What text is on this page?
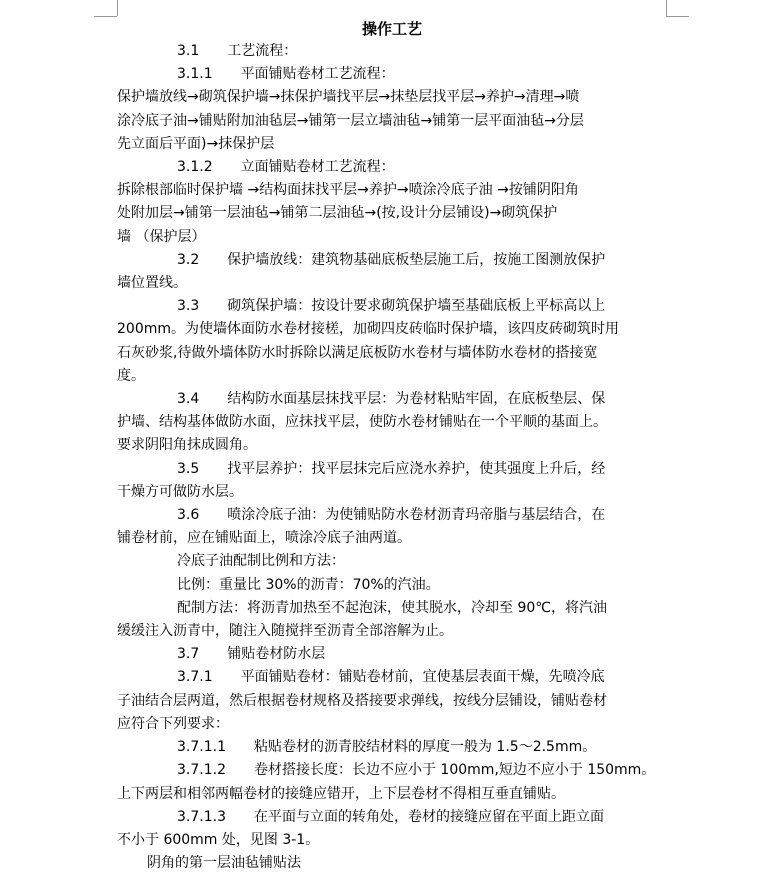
操作工艺

3.1　　工艺流程：

3.1.1　　平面铺贴卷材工艺流程：

保护墙放线→砌筑保护墙→抹保护墙找平层→抹垫层找平层→养护→清理→喷

涂冷底子油→铺贴附加油毡层→铺第一层立墙油毡→铺第一层平面油毡→分层

先立面后平面)→抹保护层

3.1.2　　立面铺贴卷材工艺流程：

拆除根部临时保护墙 →结构面抹找平层→养护→喷涂冷底子油 →按铺阴阳角

处附加层→铺第一层油毡→铺第二层油毡→(按,设计分层铺设)→砌筑保护

墙 （保护层）

3.2　　保护墙放线：建筑物基础底板垫层施工后，按施工图测放保护

墙位置线。

3.3　　砌筑保护墙：按设计要求砌筑保护墙至基础底板上平标高以上

200mm。为使墙体面防水卷材接槎，加砌四皮砖临时保护墙，该四皮砖砌筑时用

石灰砂浆,待做外墙体防水时拆除以满足底板防水卷材与墙体防水卷材的搭接宽

度。

3.4　　结构防水面基层抹找平层：为卷材粘贴牢固，在底板垫层、保

护墙、结构基体做防水面，应抹找平层，使防水卷材铺贴在一个平顺的基面上。

要求阴阳角抹成圆角。

3.5　　找平层养护：找平层抹完后应浇水养护，使其强度上升后，经

干燥方可做防水层。

3.6　　喷涂冷底子油：为使铺贴防水卷材沥青玛帝脂与基层结合，在

铺卷材前，应在铺贴面上，喷涂冷底子油两道。

冷底子油配制比例和方法：

比例：重量比 30%的沥青：70%的汽油。

配制方法：将沥青加热至不起泡沫，使其脱水，冷却至 90℃，将汽油

缓缓注入沥青中，随注入随搅拌至沥青全部溶解为止。

3.7　　铺贴卷材防水层

3.7.1　　平面铺贴卷材：铺贴卷材前，宜使基层表面干燥，先喷冷底

子油结合层两道，然后根据卷材规格及搭接要求弹线，按线分层铺设，铺贴卷材

应符合下列要求：

3.7.1.1　　粘贴卷材的沥青胶结材料的厚度一般为 1.5～2.5mm。

3.7.1.2　　卷材搭接长度：长边不应小于 100mm,短边不应小于 150mm。

上下两层和相邻两幅卷材的接缝应错开，上下层卷材不得相互垂直铺贴。

3.7.1.3　　在平面与立面的转角处，卷材的接缝应留在平面上距立面

不小于 600mm 处，见图 3-1。

阴角的第一层油毡铺贴法
